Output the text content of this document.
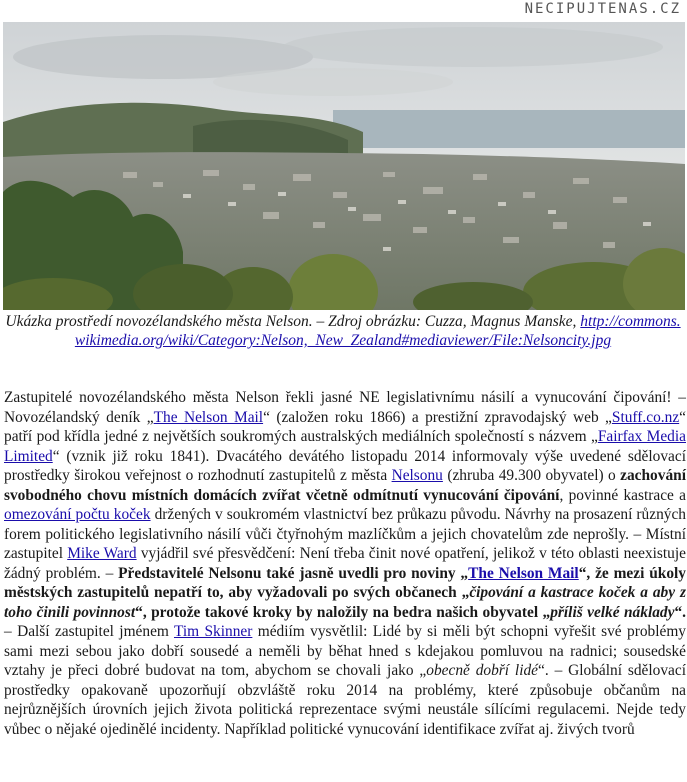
NECIPUJTENAS.CZ
Ukázka prostředí novozélandského města Nelson. – Zdroj obrázku: Cuzza, Magnus Manske, http://commons.wikimedia.org/wiki/Category:Nelson,_New_Zealand#mediaviewer/File:Nelsoncity.jpg

Zastupitelé novozélandského města Nelson řekli jasné NE legislativnímu násilí a vynucování čipování! – Novozélandský deník „The Nelson Mail“ (založen roku 1866) a prestižní zpravodajský web „Stuff.co.nz“ patří pod křídla jedné z největších soukromých australských mediálních společností s názvem „Fairfax Media Limited“ (vznik již roku 1841). Dvacátého devátého listopadu 2014 informovaly výše uvedené sdělovací prostředky širokou veřejnost o rozhodnutí zastupitelů z města Nelsonu (zhruba 49.300 obyvatel) o zachování svobodného chovu místních domácích zvířat včetně odmítnutí vynucování čipování, povinné kastrace a omezování počtu koček držených v soukromém vlastnictví bez průkazu původu. Návrhy na prosazení různých forem politického legislativního násilí vůči čtyřnohým mazlíčkům a jejich chovatelům zde neprošly. – Místní zastupitel Mike Ward vyjádřil své přesvědčení: Není třeba činit nové opatření, jelikož v této oblasti neexistuje žádný problém. – Představitelé Nelsonu také jasně uvedli pro noviny „The Nelson Mail“, že mezi úkoly městských zastupitelů nepatří to, aby vyžadovali po svých občanech „čipování a kastrace koček a aby z toho činili povinnost“, protože takové kroky by naložily na bedra našich obyvatel „příliš velké náklady“. – Další zastupitel jménem Tim Skinner médiím vysvětlil: Lidé by si měli být schopni vyřešit své problémy sami mezi sebou jako dobří sousedé a neměli by běhat hned s kdejakou pomluvou na radnici; sousedské vztahy je přeci dobré budovat na tom, abychom se chovali jako „obecně dobří lidé“. – Globální sdělovací prostředky opakovaně upozorňují obzvláště roku 2014 na problémy, které způsobuje občanům na nejrůznějších úrovních jejich života politická reprezentace svými neustále sílícími regulacemi. Nejde tedy vůbec o nějaké ojedinělé incidenty. Například politické vynucování identifikace zvířat aj. živých tvorů
